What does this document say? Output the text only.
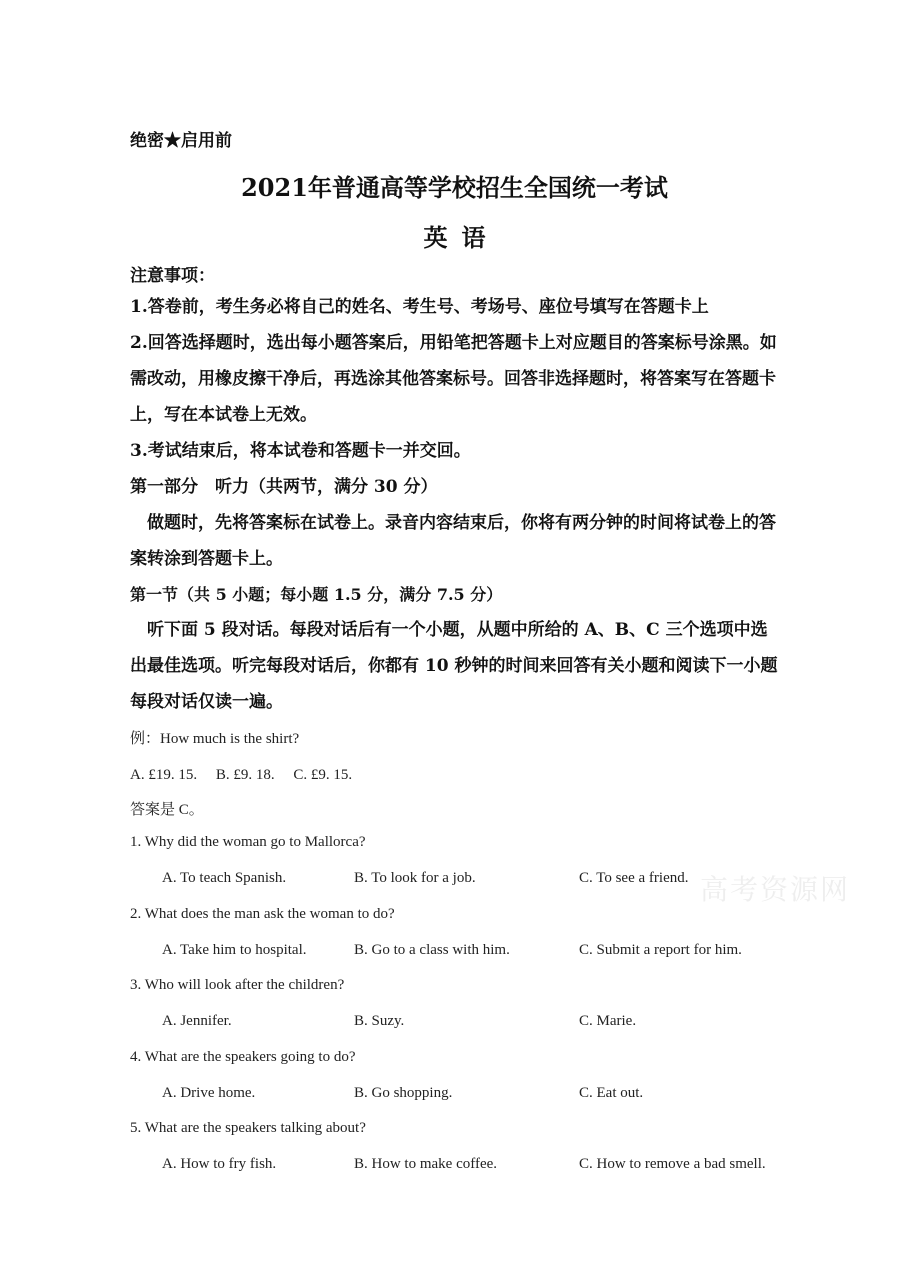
绝密★启用前
2021年普通高等学校招生全国统一考试
英语
注意事项：
1.答卷前，考生务必将自己的姓名、考生号、考场号、座位号填写在答题卡上
2.回答选择题时，选出每小题答案后，用铅笔把答题卡上对应题目的答案标号涂黑。如需改动，用橡皮擦干净后，再选涂其他答案标号。回答非选择题时，将答案写在答题卡上，写在本试卷上无效。
3.考试结束后，将本试卷和答题卡一并交回。
第一部分　听力（共两节，满分 30 分）
做题时，先将答案标在试卷上。录音内容结束后，你将有两分钟的时间将试卷上的答案转涂到答题卡上。
第一节（共 5 小题；每小题 1.5 分，满分 7.5 分）
听下面 5 段对话。每段对话后有一个小题，从题中所给的 A、B、C 三个选项中选出最佳选项。听完每段对话后，你都有 10 秒钟的时间来回答有关小题和阅读下一小题每段对话仅读一遍。
例：How much is the shirt?
A. £19. 15.　 B. £9. 18.　 C. £9. 15.
答案是 C。
1. Why did the woman go to Mallorca?
A. To teach Spanish.	B. To look for a job.	C. To see a friend.
2. What does the man ask the woman to do?
A. Take him to hospital.	B. Go to a class with him.	C. Submit a report for him.
3. Who will look after the children?
A. Jennifer.	B. Suzy.	C. Marie.
4. What are the speakers going to do?
A. Drive home.	B. Go shopping.	C. Eat out.
5. What are the speakers talking about?
A. How to fry fish.	B. How to make coffee.	C. How to remove a bad smell.
高考资源网
